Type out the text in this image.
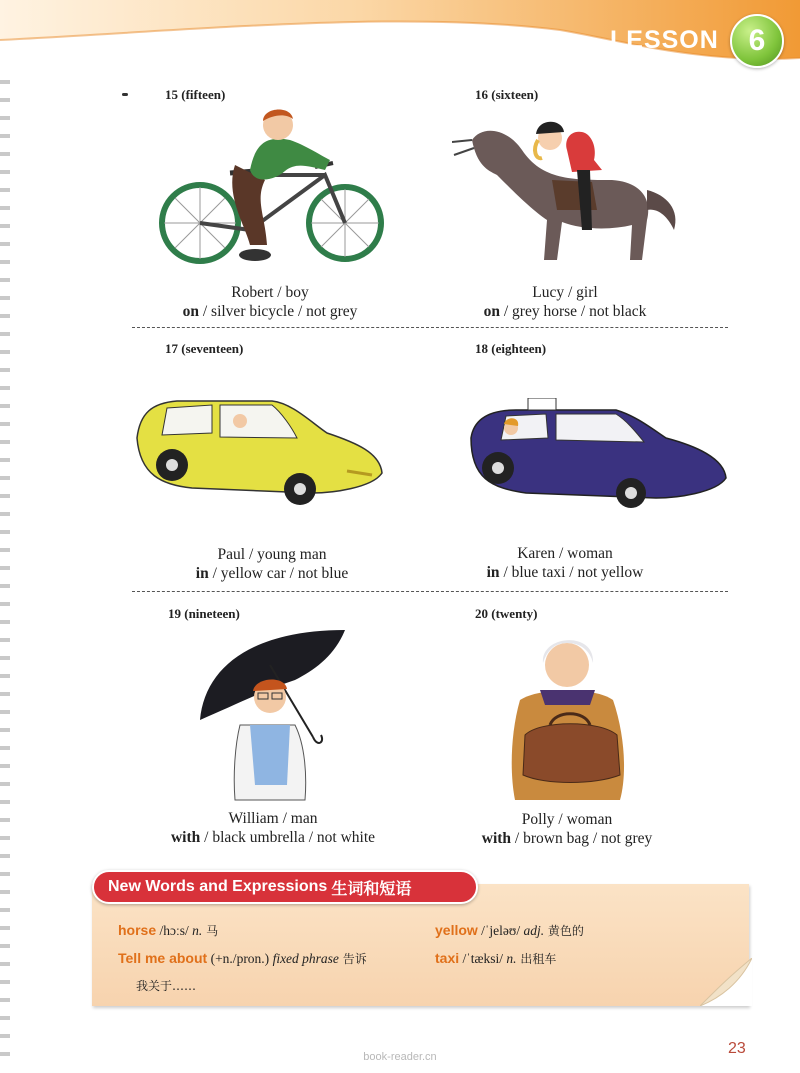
LESSON 6
15 (fifteen)
Robert / boy
on / silver bicycle / not grey
16 (sixteen)
Lucy / girl
on / grey horse / not black
17 (seventeen)
Paul / young man
in / yellow car / not blue
18 (eighteen)
Karen / woman
in / blue taxi / not yellow
19 (nineteen)
William / man
with / black umbrella / not white
20 (twenty)
Polly / woman
with / brown bag / not grey
New Words and Expressions 生词和短语
horse /hɔːs/ n. 马
Tell me about (+n./pron.) fixed phrase 告诉
我关于……
yellow /ˈjeləʊ/ adj. 黄色的
taxi /ˈtæksi/ n. 出租车
23
book-reader.cn
